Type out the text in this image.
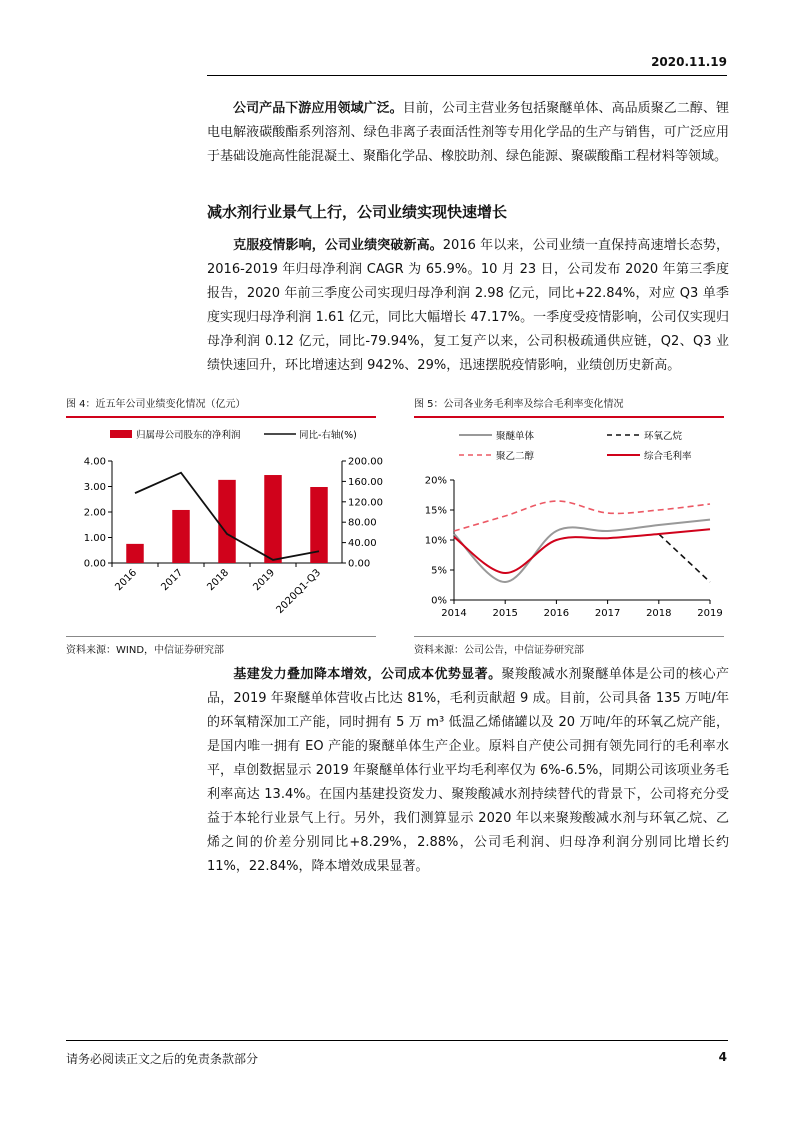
2020.11.19

公司产品下游应用领域广泛。目前，公司主营业务包括聚醚单体、高品质聚乙二醇、锂电电解液碳酸酯系列溶剂、绿色非离子表面活性剂等专用化学品的生产与销售，可广泛应用于基础设施高性能混凝土、聚酯化学品、橡胶助剂、绿色能源、聚碳酸酯工程材料等领域。

减水剂行业景气上行，公司业绩实现快速增长

克服疫情影响，公司业绩突破新高。2016 年以来，公司业绩一直保持高速增长态势，2016-2019 年归母净利润 CAGR 为 65.9%。10 月 23 日，公司发布 2020 年第三季度报告，2020 年前三季度公司实现归母净利润 2.98 亿元，同比+22.84%，对应 Q3 单季度实现归母净利润 1.61 亿元，同比大幅增长 47.17%。一季度受疫情影响，公司仅实现归母净利润 0.12 亿元，同比-79.94%，复工复产以来，公司积极疏通供应链，Q2、Q3 业绩快速回升，环比增速达到 942%、29%，迅速摆脱疫情影响，业绩创历史新高。

图 4：近五年公司业绩变化情况（亿元）
归属母公司股东的净利润	同比-右轴(%)
0.00
1.00
2.00
3.00
4.00
0.00
40.00
80.00
120.00
160.00
200.00
2016 2017 2018 2019
2020Q1-Q3
资料来源：WIND，中信证券研究部
图 5：公司各业务毛利率及综合毛利率变化情况
聚醚单体	环氧乙烷
聚乙二醇	综合毛利率
0%
5%
10%
15%
20%
2014	2015	2016	2017	2018	2019
资料来源：公司公告，中信证券研究部

基建发力叠加降本增效，公司成本优势显著。聚羧酸减水剂聚醚单体是公司的核心产品，2019 年聚醚单体营收占比达 81%，毛利贡献超 9 成。目前，公司具备 135 万吨/年的环氧精深加工产能，同时拥有 5 万 m³ 低温乙烯储罐以及 20 万吨/年的环氧乙烷产能，是国内唯一拥有 EO 产能的聚醚单体生产企业。原料自产使公司拥有领先同行的毛利率水平，卓创数据显示 2019 年聚醚单体行业平均毛利率仅为 6%-6.5%，同期公司该项业务毛利率高达 13.4%。在国内基建投资发力、聚羧酸减水剂持续替代的背景下，公司将充分受益于本轮行业景气上行。另外，我们测算显示 2020 年以来聚羧酸减水剂与环氧乙烷、乙烯之间的价差分别同比+8.29%，2.88%，公司毛利润、归母净利润分别同比增长约 11%，22.84%，降本增效成果显著。

请务必阅读正文之后的免责条款部分	4
